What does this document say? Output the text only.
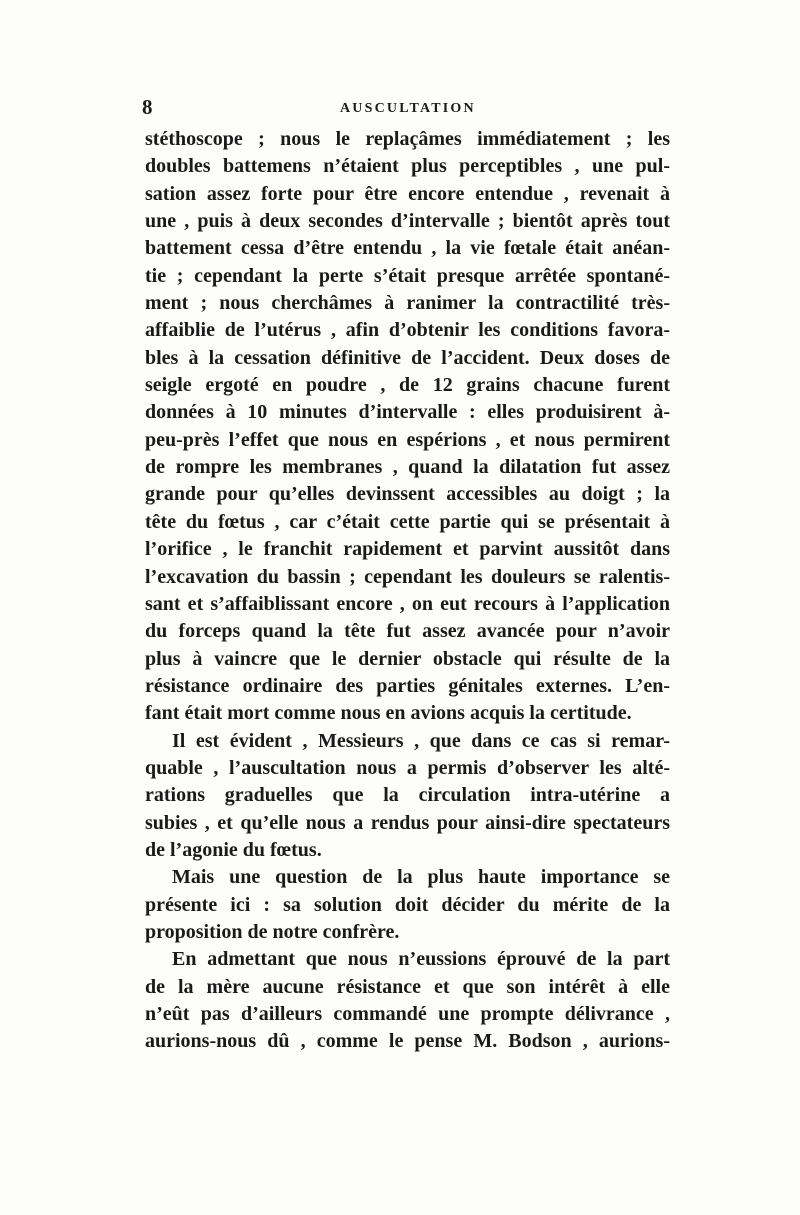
8	AUSCULTATION
stéthoscope ; nous le replaçâmes immédiatement ; les
doubles battemens n’étaient plus perceptibles , une pul-
sation assez forte pour être encore entendue , revenait à
une , puis à deux secondes d’intervalle ; bientôt après tout
battement cessa d’être entendu , la vie fœtale était anéan-
tie ; cependant la perte s’était presque arrêtée spontané-
ment ; nous cherchâmes à ranimer la contractilité très-
affaiblie de l’utérus , afin d’obtenir les conditions favora-
bles à la cessation définitive de l’accident. Deux doses de
seigle ergoté en poudre , de 12 grains chacune furent
données à 10 minutes d’intervalle : elles produisirent à-
peu-près l’effet que nous en espérions , et nous permirent
de rompre les membranes , quand la dilatation fut assez
grande pour qu’elles devinssent accessibles au doigt ; la
tête du fœtus , car c’était cette partie qui se présentait à
l’orifice , le franchit rapidement et parvint aussitôt dans
l’excavation du bassin ; cependant les douleurs se ralentis-
sant et s’affaiblissant encore , on eut recours à l’application
du forceps quand la tête fut assez avancée pour n’avoir
plus à vaincre que le dernier obstacle qui résulte de la
résistance ordinaire des parties génitales externes. L’en-
fant était mort comme nous en avions acquis la certitude.
Il est évident , Messieurs , que dans ce cas si remar-
quable , l’auscultation nous a permis d’observer les alté-
rations graduelles que la circulation intra-utérine a
subies , et qu’elle nous a rendus pour ainsi-dire spectateurs
de l’agonie du fœtus.
Mais une question de la plus haute importance se
présente ici : sa solution doit décider du mérite de la
proposition de notre confrère.
En admettant que nous n’eussions éprouvé de la part
de la mère aucune résistance et que son intérêt à elle
n’eût pas d’ailleurs commandé une prompte délivrance ,
aurions-nous dû , comme le pense M. Bodson , aurions-
